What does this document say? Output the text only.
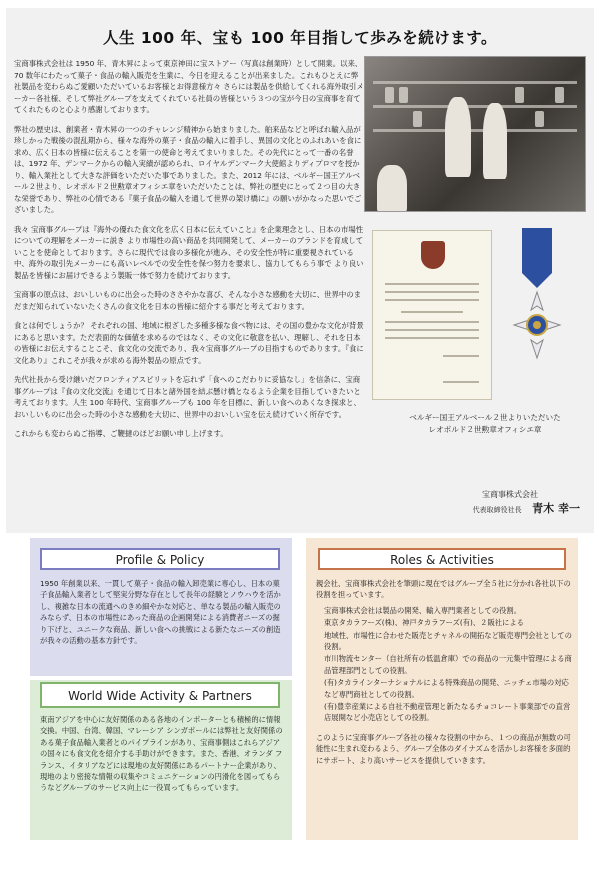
人生 100 年、宝も 100 年目指して歩みを続けます。

宝商事株式会社は 1950 年、青木昇によって東京神田に宝ストアー（写真は創業時）として開業。以来、70 数年にわたって菓子・食品の輸入販売を生業に、今日を迎えることが出来ました。これもひとえに弊社製品を変わらぬご愛顧いただいているお客様とお得意様方々 さらには製品を供給してくれる海外取引メーカー各社様、そして弊社グループを支えてくれている社員の皆様という３つの宝が今日の宝商事を育ててくれたものと心より感謝しております。

弊社の歴史は、創業者・青木昇の一つのチャレンジ精神から始まりました。舶来品などと呼ばれ輸入品が珍しかった戦後の混乱期から、様々な海外の菓子・食品の輸入に着手し、異国の文化とのふれあいを食に求め、広く日本の皆様に伝えることを第一の使命と考えてまいりました。その先代にとって一番の名誉は、1972 年、デンマークからの輸入実績が認められ、ロイヤルデンマーク大使館よりディプロマを授かり、輸入業社として大きな評価をいただいた事でありました。また、2012 年には、ベルギー国王アルベール２世より、レオポルド２世勲章オフィシエ章をいただいたことは、弊社の歴史にとって２つ目の大きな栄誉であり、弊社の心情である『菓子食品の輸入を通して世界の架け橋に』の願いがかなった思いでございました。

我々 宝商事グループは『海外の優れた食文化を広く日本に伝えていこと』を企業理念とし、日本の市場性についての理解をメーカーに説き より市場性の高い商品を共同開発して、メーカーのブランドを育成していことを使命としております。さらに現代では食の多様化が進み、その安全性が特に重要視されている中、海外の取引先メーカーにも高いレベルでの安全性を保つ努力を要求し、協力してもらう事で より良い製品を皆様にお届けできるよう製販一体で努力を続けております。

宝商事の原点は、おいしいものに出会った時のささやかな喜び、そんな小さな感動を大切に、世界中のまだまだ知られていないたくさんの食文化を日本の皆様に紹介する事だと考えております。

食とは何でしょうか？ それぞれの国、地域に根ざした多種多様な食べ物には、その国の豊かな文化が背景にあると思います。ただ表面的な価値を求めるのではなく、その文化に敬意を払い、理解し、それを日本の皆様にお伝えすることこそ、食文化の交流であり、我々宝商事グループの目指すものであります。『食に文化あり』これこそが我々が求める海外製品の原点です。

先代社長から受け継いだフロンティアスピリットを忘れず「食へのこだわりに妥協なし」を信条に、宝商事グループは『食の文化交流』を通じて日本と諸外国を結ぶ懸け橋となるよう企業を目指していきたいと考えております。人生 100 年時代、宝商事グループも 100 年を目標に、新しい食へのあくなき探求と、おいしいものに出会った時の小さな感動を大切に、世界中のおいしい宝を伝え続けていく所存です。

これからも変わらぬご指導、ご鞭撻のほどお願い申し上げます。

ベルギー国王アルベール２世よりいただいた
レオポルド２世勲章オフィシエ章
宝商事株式会社
代表取締役社長 青木 幸一
Profile & Policy
1950 年創業以来、一貫して菓子・食品の輸入卸売業に専心し、日本の菓子食品輸入業者として堅実分野な存在として長年の経験とノウハウを活かし、複雑な日本の流通へのきめ細やかな対応と、単なる製品の輸入販売のみならず、日本の市場性にあった商品の企画開発による消費者ニーズの掘り下げと、ユニークな商品、新しい食への挑戦による新たなニーズの創造が我々の活動の基本方針です。
World Wide Activity & Partners
東南アジアを中心に友好関係のある各地のインポーターとも積極的に情報交換。中国、台湾、韓国、マレーシア シンガポールには弊社と友好関係のある菓子食品輸入業者とのパイプラインがあり、宝商事側はこれらアジアの国々にも食文化を紹介する手助けができます。また、香港、オランダ フランス、イタリアなどには現地の友好関係にあるパートナー企業があり、現地のより密接な情報の収集やコミュニケーションの円滑化を図ってもらうなどグループのサービス向上に一役買ってもらっています。
Roles & Activities
親会社、宝商事株式会社を筆頭に現在ではグループ全５社に分かれ各社以下の役割を担っています。
宝商事株式会社は製品の開発、輸入専門業者としての役割。
東京タカラフーズ(株)、神戸タカラフーズ(有)、２販社による
地域性、市場性に合わせた販売とチャネルの開拓など販売専門会社としての役割。
市川物流センター（自社所有の低温倉庫）での商品の一元集中管理による商品管理部門としての役割。
(有)タカラインターナショナルによる特殊商品の開発、ニッチェ市場の対応など専門商社としての役割。
(有)豊幸産業による自社不動産管理と新たなるチョコレート事業部での直営店展開など小売店としての役割。
このように宝商事グループ各社の様々な役割の中から、１つの商品が無数の可能性に生まれ変わるよう、グループ全体のダイナズムを活かしお客様を多面的にサポート、より高いサービスを提供していきます。
